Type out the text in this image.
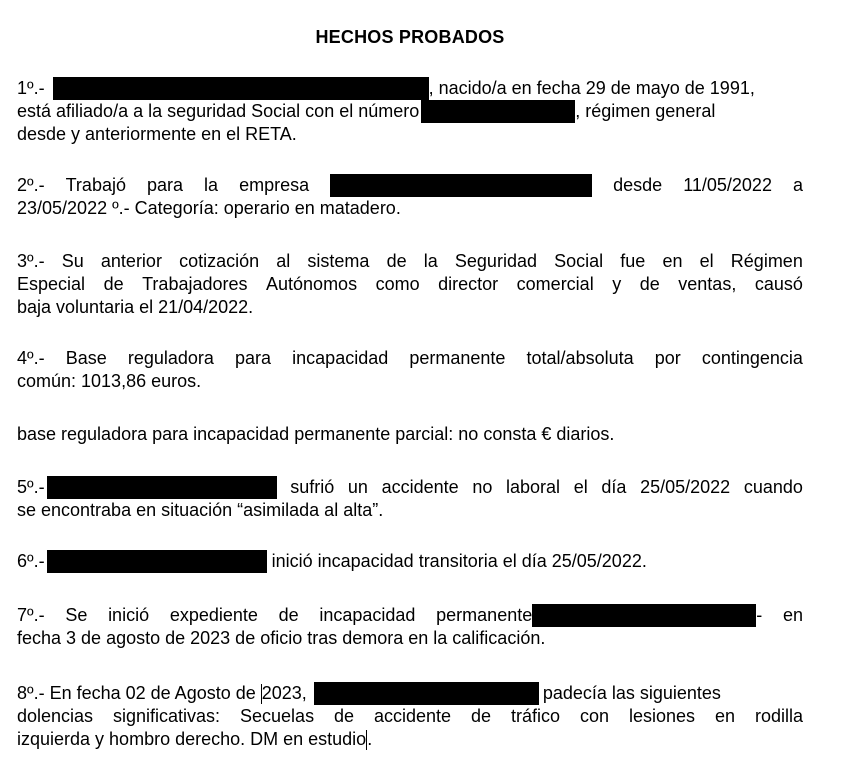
HECHOS PROBADOS
1º.-	, nacido/a en fecha 29 de mayo de 1991,
está afiliado/a a la seguridad Social con el número	, régimen general
desde y anteriormente en el RETA.
2º.- Trabajó para la empresa	desde 11/05/2022 a
23/05/2022 º.- Categoría: operario en matadero.
3º.- Su anterior cotización al sistema de la Seguridad Social fue en el Régimen
Especial de Trabajadores Autónomos como director comercial y de ventas, causó
baja voluntaria el 21/04/2022.
4º.- Base reguladora para incapacidad permanente total/absoluta por contingencia
común: 1013,86 euros.
base reguladora para incapacidad permanente parcial: no consta € diarios.
5º.-	sufrió un accidente no laboral el día 25/05/2022 cuando
se encontraba en situación “asimilada al alta”.
6º.-	inició incapacidad transitoria el día 25/05/2022.
7º.- Se inició expediente de incapacidad permanente	- en
fecha 3 de agosto de 2023 de oficio tras demora en la calificación.
8º.- En fecha 02 de Agosto de 2023,	padecía las siguientes
dolencias significativas: Secuelas de accidente de tráfico con lesiones en rodilla
izquierda y hombro derecho. DM en estudio.
